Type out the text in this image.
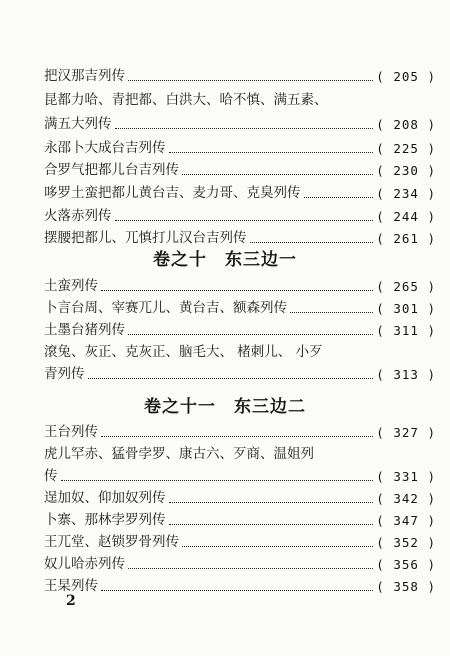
把汉那吉列传	( 205 )
昆都力哈、青把都、白洪大、哈不慎、满五素、
满五大列传	( 208 )
永邵卜大成台吉列传	( 225 )
合罗气把都儿台吉列传	( 230 )
哆罗土蛮把都儿黄台吉、麦力哥、克臭列传	( 234 )
火落赤列传	( 244 )
摆腰把都儿、兀慎打儿汉台吉列传	( 261 )
卷之十　东三边一
土蛮列传	( 265 )
卜言台周、宰赛兀儿、黄台吉、额森列传	( 301 )
土墨台猪列传	( 311 )
滾兔、灰正、克灰正、脑毛大、 楮刺儿、 小歹
青列传	( 313 )
卷之十一　东三边二
王台列传	( 327 )
虎儿罕赤、猛骨孛罗、康古六、歹商、温姐列
传	( 331 )
逞加奴、仰加奴列传	( 342 )
卜寨、那林孛罗列传	( 347 )
王兀堂、赵锁罗骨列传	( 352 )
奴儿哈赤列传	( 356 )
王杲列传	( 358 )
2
